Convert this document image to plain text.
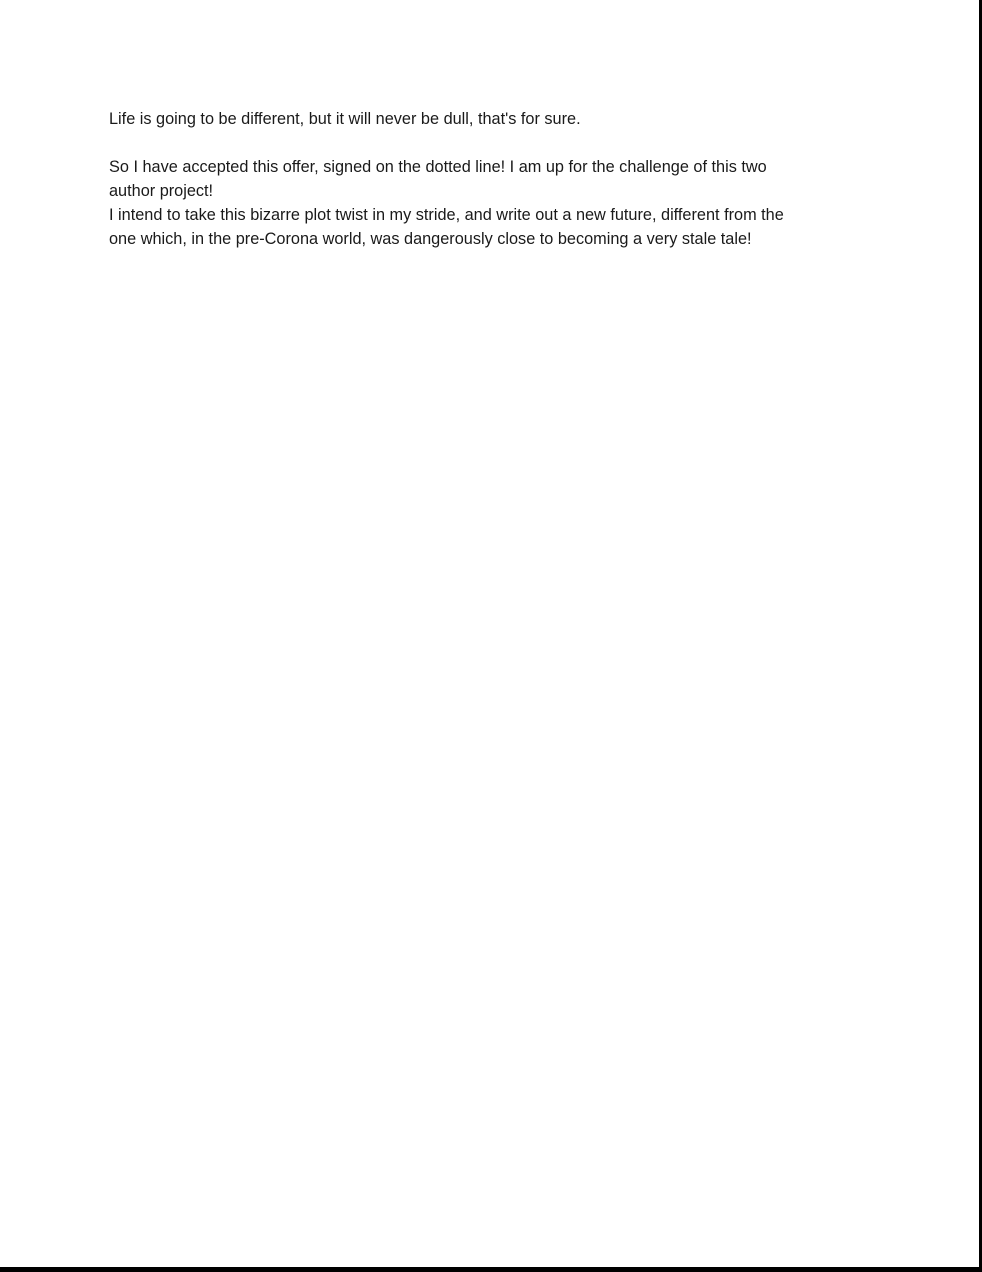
Life is going to be different, but it will never be dull, that's for sure.

So I have accepted this offer, signed on the dotted line! I am up for the challenge of this two

author project!

I intend to take this bizarre plot twist in my stride, and write out a new future, different from the

one which, in the pre-Corona world, was dangerously close to becoming a very stale tale!
